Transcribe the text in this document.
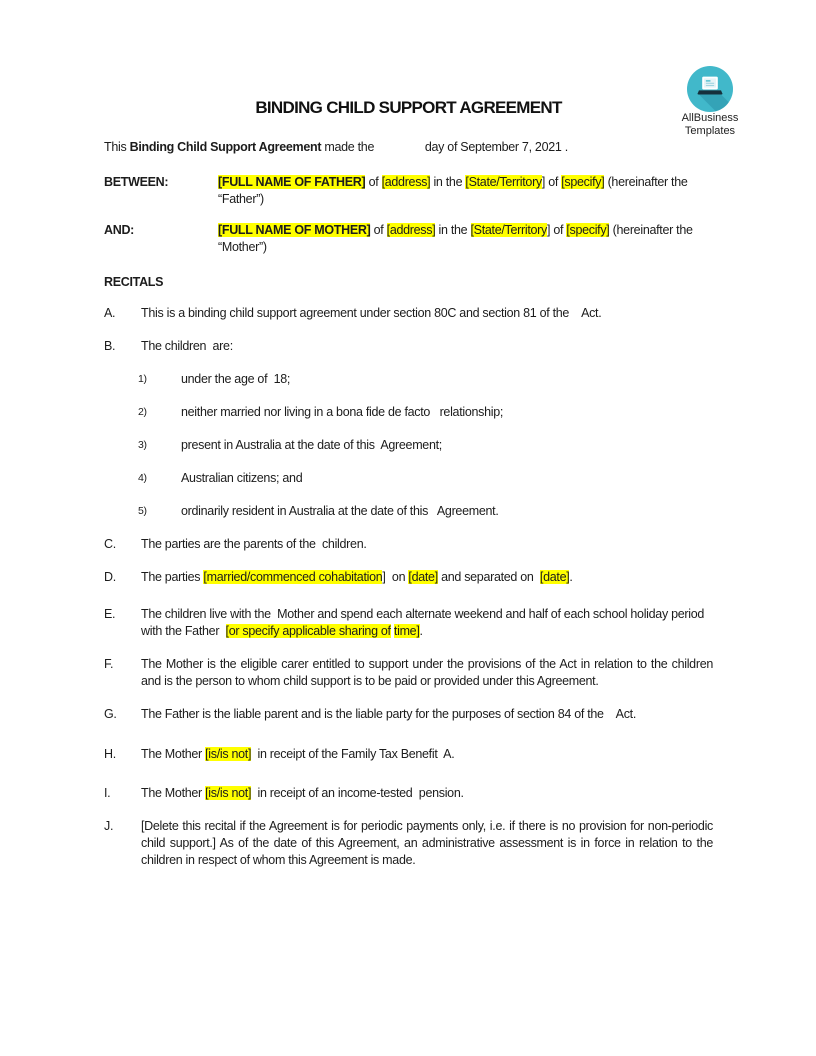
AllBusiness
Templates
BINDING CHILD SUPPORT AGREEMENT

This Binding Child Support Agreement made the                day of September 7, 2021 .

BETWEEN:	[FULL NAME OF FATHER] of [address] in the [State/Territory] of [specify] (hereinafter the “Father”)
AND:	[FULL NAME OF MOTHER] of [address] in the [State/Territory] of [specify] (hereinafter the “Mother”)

RECITALS

A.	This is a binding child support agreement under section 80C and section 81 of the    Act.
B.	The children  are:
1)	under the age of  18;
2)	neither married nor living in a bona fide de facto   relationship;
3)	present in Australia at the date of this  Agreement;
4)	Australian citizens; and
5)	ordinarily resident in Australia at the date of this   Agreement.
C.	The parties are the parents of the  children.
D.	The parties [married/commenced cohabitation]  on [date] and separated on  [date].
E.	The children live with the  Mother and spend each alternate weekend and half of each school holiday period with the Father  [or specify applicable sharing of time].
F.	The Mother is the eligible carer entitled to support under the provisions of the Act in relation to the children and is the person to whom child support is to be paid or provided under this Agreement.
G.	The Father is the liable parent and is the liable party for the purposes of section 84 of the    Act.
H.	The Mother [is/is not]  in receipt of the Family Tax Benefit  A.
I.	The Mother [is/is not]  in receipt of an income-tested  pension.
J.	[Delete this recital if the Agreement is for periodic payments only, i.e. if there is no provision for non-periodic child support.] As of the date of this Agreement, an administrative assessment is in force in relation to the children in respect of whom this Agreement is made.
